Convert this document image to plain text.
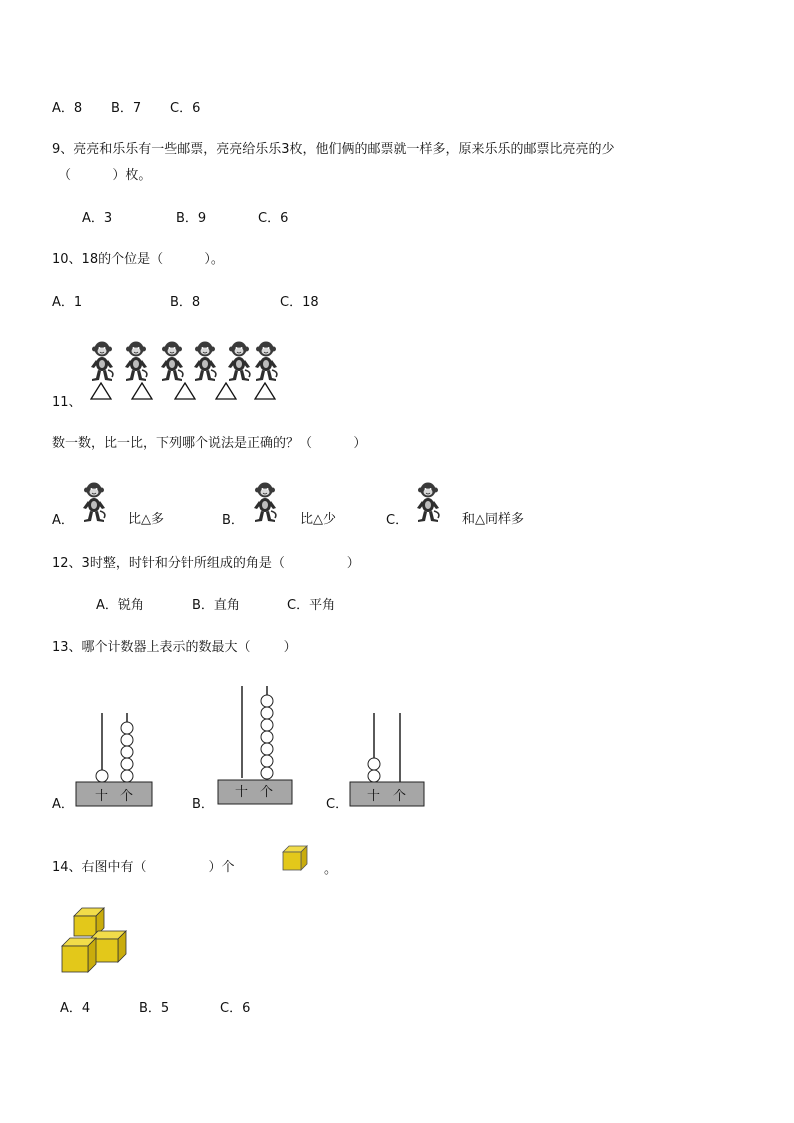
A．8 B．7 C．6
9、亮亮和乐乐有一些邮票，亮亮给乐乐3枚，他们俩的邮票就一样多，原来乐乐的邮票比亮亮的少
（          ）枚。
A．3	B．9	C．6
10、18的个位是（          ）。
A．1	B．8	C．18
11、
数一数，比一比，下列哪个说法是正确的？（          ）
A．	比△多	B．	比△少	C．	和△同样多
12、3时整，时针和分针所组成的角是（               ）
A．锐角	B．直角	C．平角
13、哪个计数器上表示的数最大（        ）
A．
十 个
B．
十 个
C．
十 个
14、右图中有（               ）个	。
A．4	B．5	C．6
